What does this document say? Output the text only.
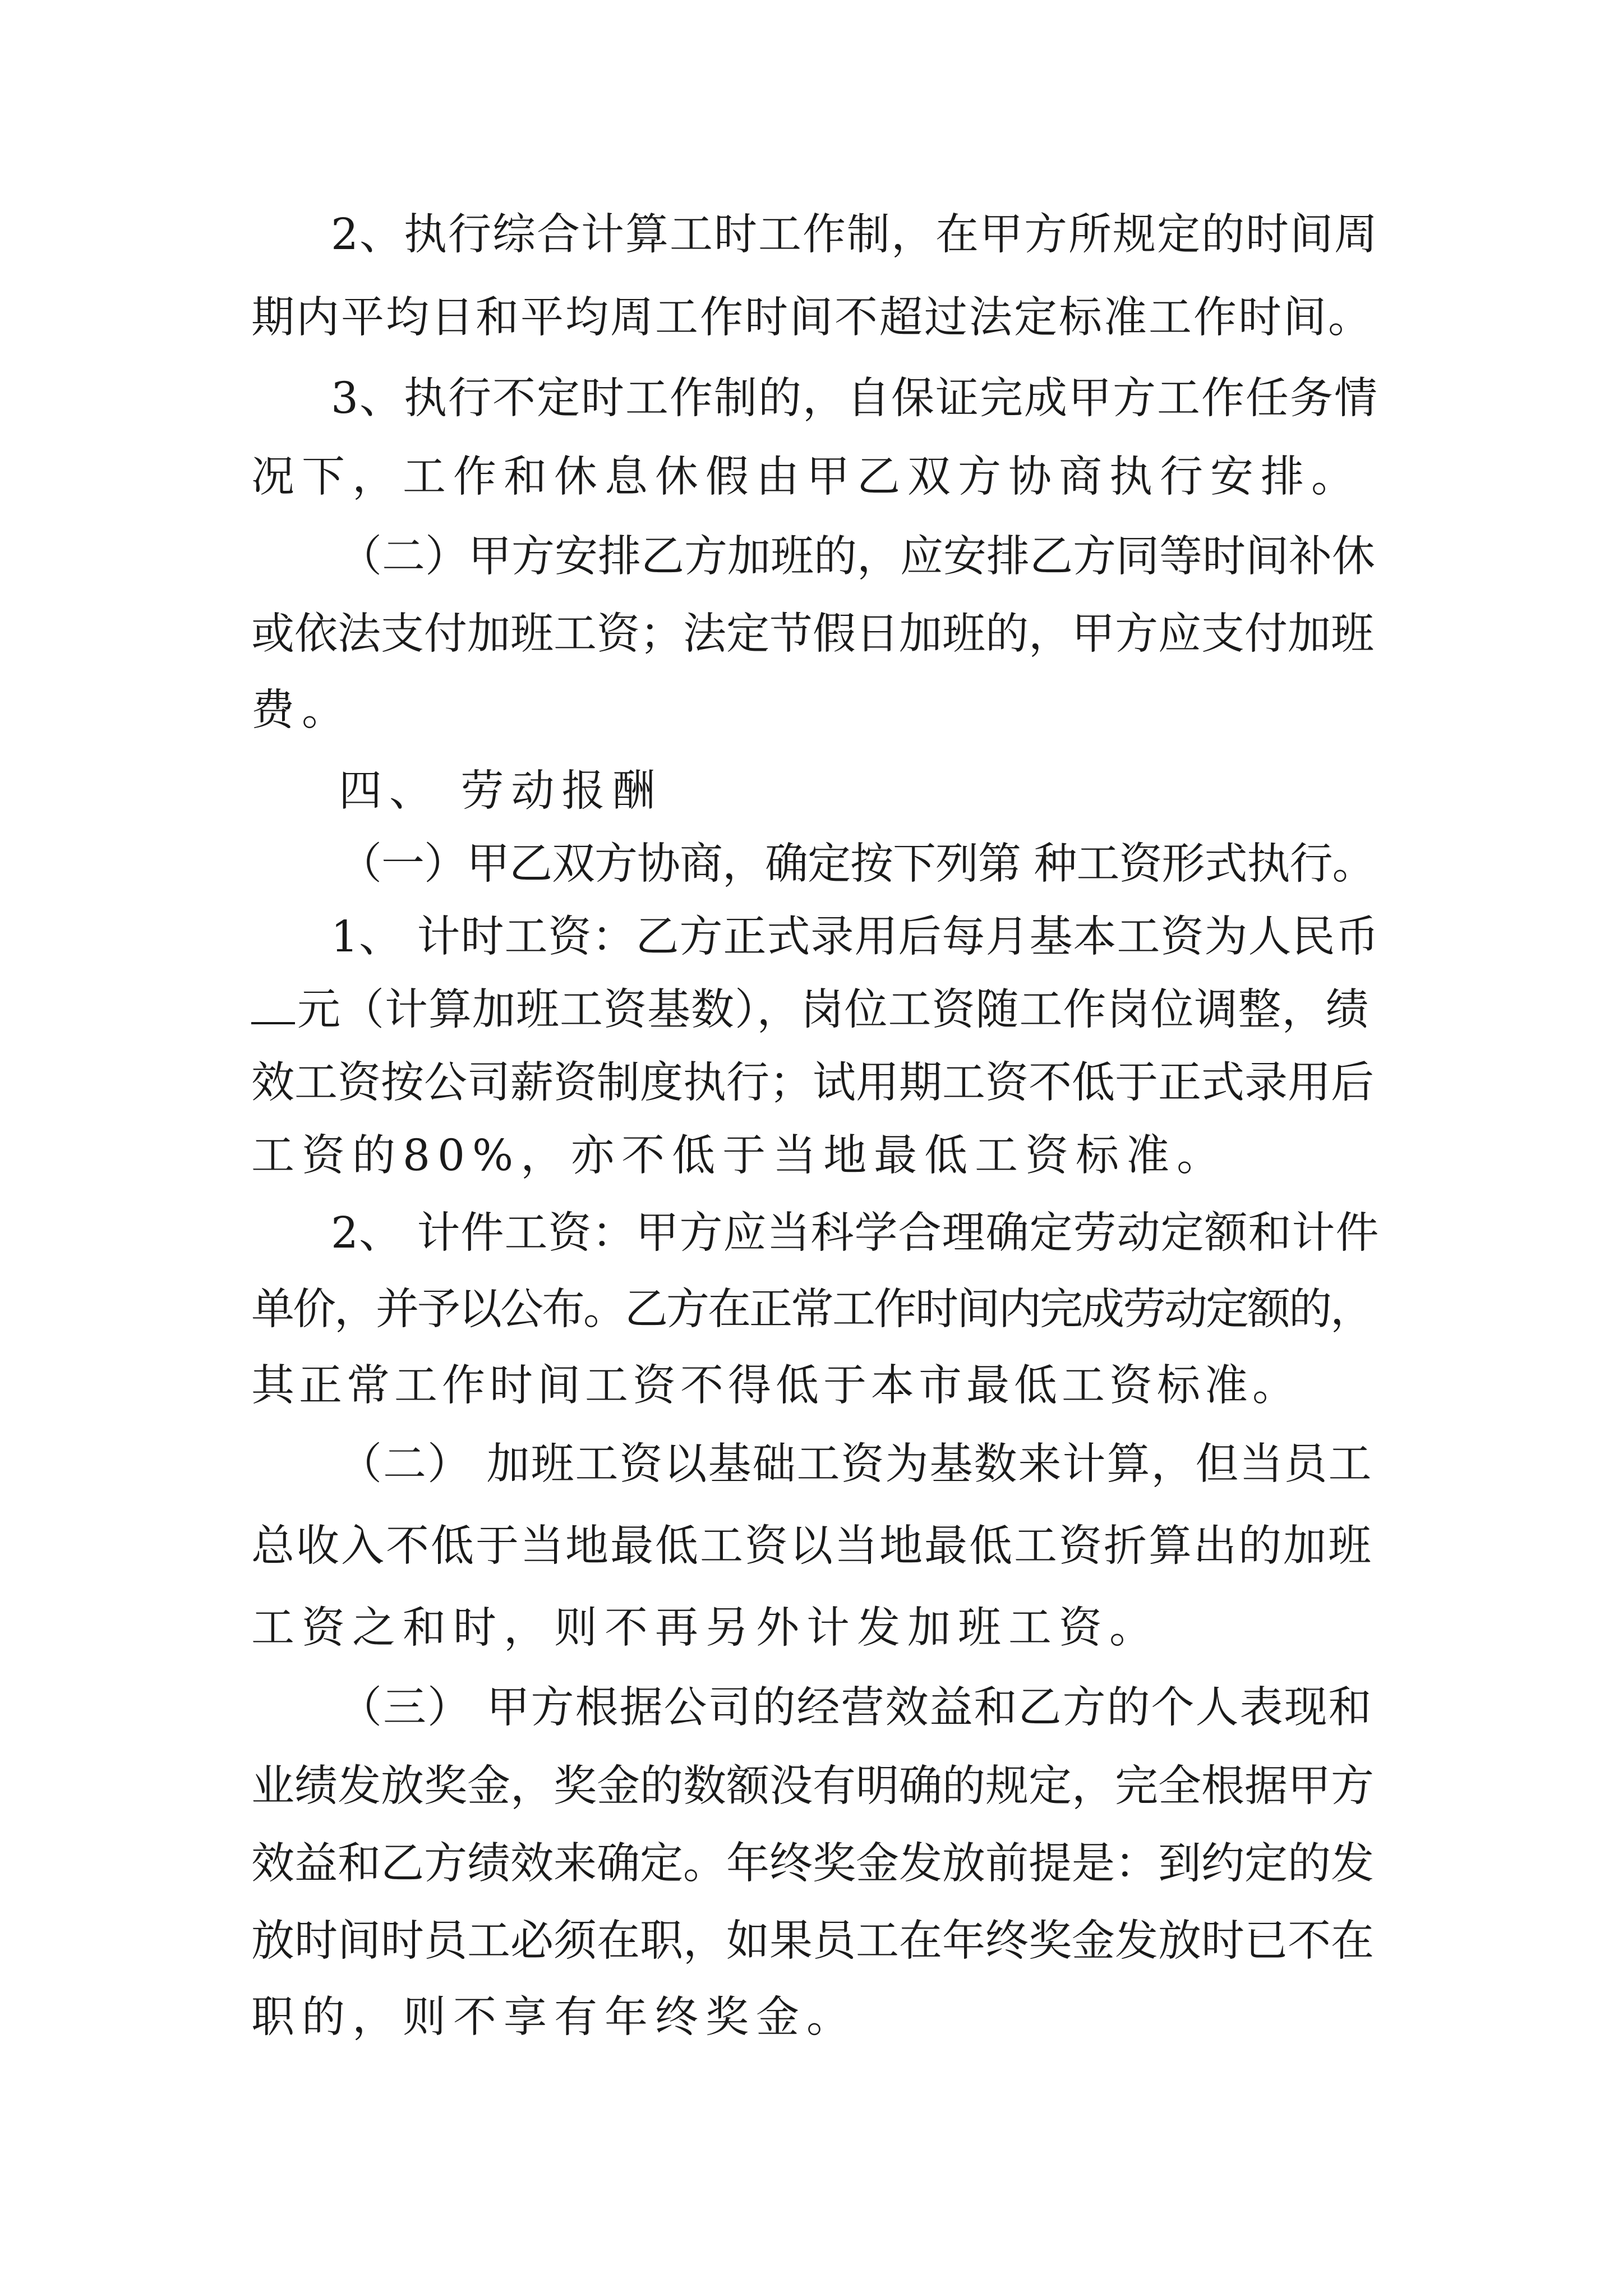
2、执行综合计算工时工作制，在甲方所规定的时间周
期内平均日和平均周工作时间不超过法定标准工作时间。
3、执行不定时工作制的，自保证完成甲方工作任务情
况下，工作和休息休假由甲乙双方协商执行安排。
（二）甲方安排乙方加班的，应安排乙方同等时间补休
或依法支付加班工资；法定节假日加班的，甲方应支付加班
费。
四、 劳动报酬
（一）甲乙双方协商，确定按下列第 种工资形式执行。
1、 计时工资：乙方正式录用后每月基本工资为人民币
元（计算加班工资基数），岗位工资随工作岗位调整，绩
效工资按公司薪资制度执行；试用期工资不低于正式录用后
工资的80%，亦不低于当地最低工资标准。
2、 计件工资：甲方应当科学合理确定劳动定额和计件
单价，并予以公布。乙方在正常工作时间内完成劳动定额的，
其正常工作时间工资不得低于本市最低工资标准。
（二） 加班工资以基础工资为基数来计算，但当员工
总收入不低于当地最低工资以当地最低工资折算出的加班
工资之和时，则不再另外计发加班工资。
（三） 甲方根据公司的经营效益和乙方的个人表现和
业绩发放奖金，奖金的数额没有明确的规定，完全根据甲方
效益和乙方绩效来确定。年终奖金发放前提是：到约定的发
放时间时员工必须在职，如果员工在年终奖金发放时已不在
职的，则不享有年终奖金。
